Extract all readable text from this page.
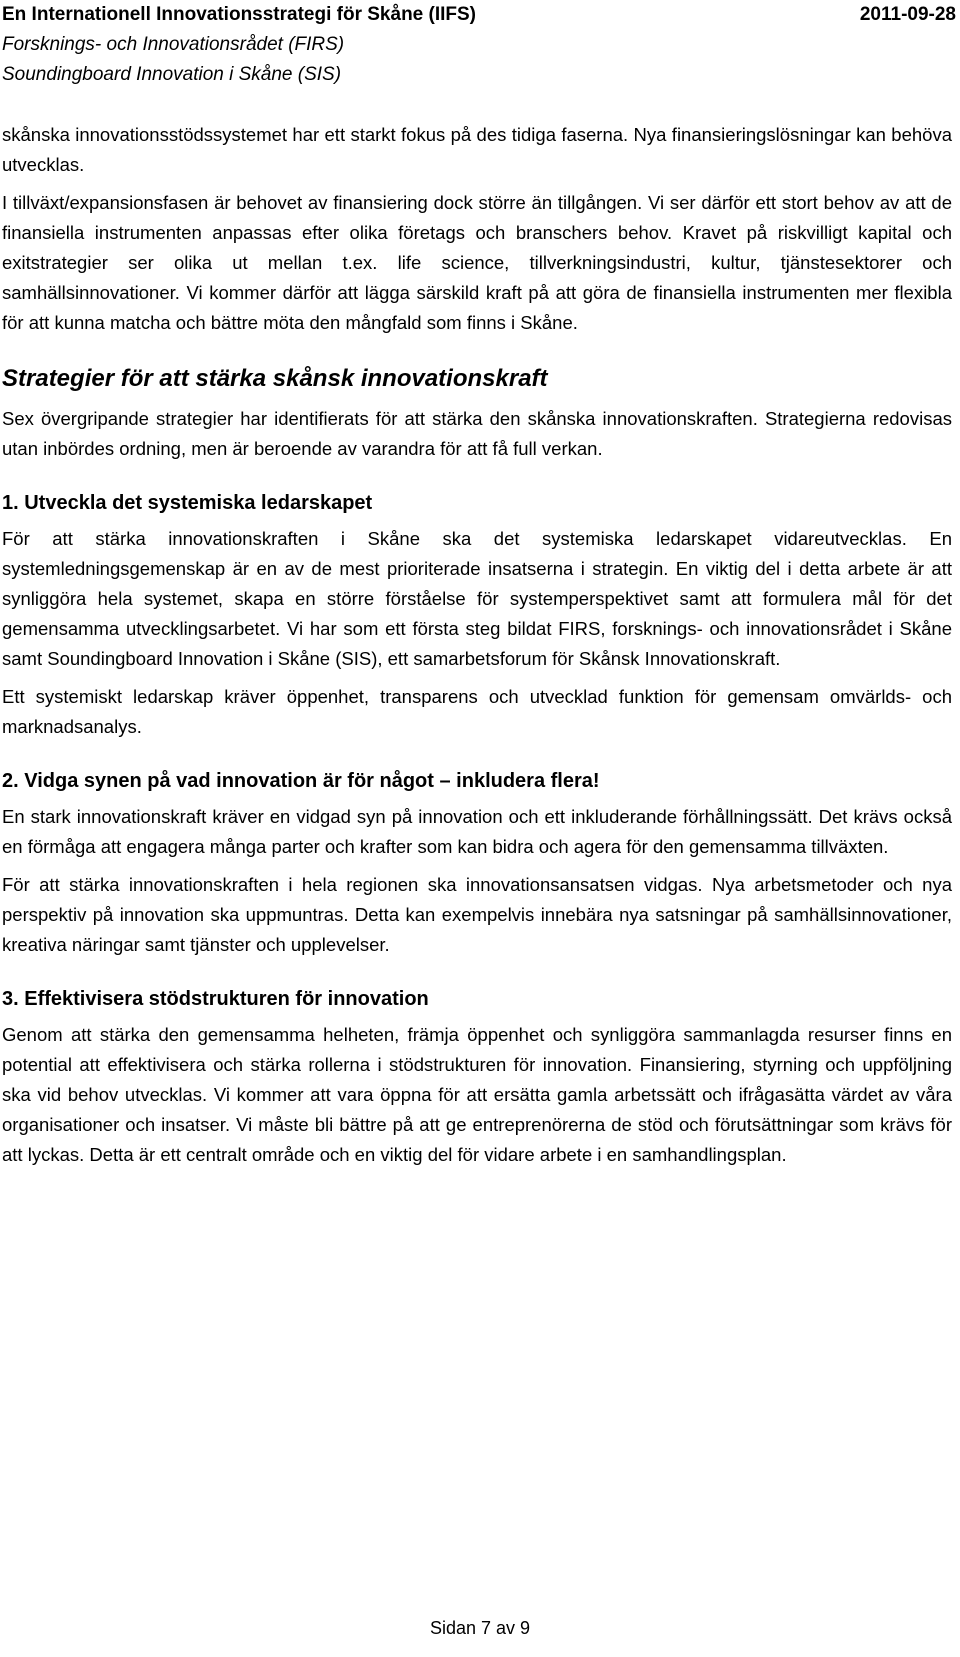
En Internationell Innovationsstrategi för Skåne (IIFS)	2011-09-28
Forsknings- och Innovationsrådet (FIRS)
Soundingboard Innovation i Skåne (SIS)

skånska innovationsstödssystemet har ett starkt fokus på des tidiga faserna. Nya finansieringslösningar kan behöva utvecklas.

I tillväxt/expansionsfasen är behovet av finansiering dock större än tillgången. Vi ser därför ett stort behov av att de finansiella instrumenten anpassas efter olika företags och branschers behov. Kravet på riskvilligt kapital och exitstrategier ser olika ut mellan t.ex. life science, tillverkningsindustri, kultur, tjänstesektorer och samhällsinnovationer. Vi kommer därför att lägga särskild kraft på att göra de finansiella instrumenten mer flexibla för att kunna matcha och bättre möta den mångfald som finns i Skåne.

Strategier för att stärka skånsk innovationskraft

Sex övergripande strategier har identifierats för att stärka den skånska innovationskraften. Strategierna redovisas utan inbördes ordning, men är beroende av varandra för att få full verkan.

1. Utveckla det systemiska ledarskapet

För att stärka innovationskraften i Skåne ska det systemiska ledarskapet vidareutvecklas. En systemledningsgemenskap är en av de mest prioriterade insatserna i strategin. En viktig del i detta arbete är att synliggöra hela systemet, skapa en större förståelse för systemperspektivet samt att formulera mål för det gemensamma utvecklingsarbetet. Vi har som ett första steg bildat FIRS, forsknings- och innovationsrådet i Skåne samt Soundingboard Innovation i Skåne (SIS), ett samarbetsforum för Skånsk Innovationskraft.

Ett systemiskt ledarskap kräver öppenhet, transparens och utvecklad funktion för gemensam omvärlds- och marknadsanalys.

2. Vidga synen på vad innovation är för något – inkludera flera!

En stark innovationskraft kräver en vidgad syn på innovation och ett inkluderande förhållningssätt. Det krävs också en förmåga att engagera många parter och krafter som kan bidra och agera för den gemensamma tillväxten.

För att stärka innovationskraften i hela regionen ska innovationsansatsen vidgas. Nya arbetsmetoder och nya perspektiv på innovation ska uppmuntras. Detta kan exempelvis innebära nya satsningar på samhällsinnovationer, kreativa näringar samt tjänster och upplevelser.

3. Effektivisera stödstrukturen för innovation

Genom att stärka den gemensamma helheten, främja öppenhet och synliggöra sammanlagda resurser finns en potential att effektivisera och stärka rollerna i stödstrukturen för innovation. Finansiering, styrning och uppföljning ska vid behov utvecklas. Vi kommer att vara öppna för att ersätta gamla arbetssätt och ifrågasätta värdet av våra organisationer och insatser. Vi måste bli bättre på att ge entreprenörerna de stöd och förutsättningar som krävs för att lyckas. Detta är ett centralt område och en viktig del för vidare arbete i en samhandlingsplan.

Sidan 7 av 9
